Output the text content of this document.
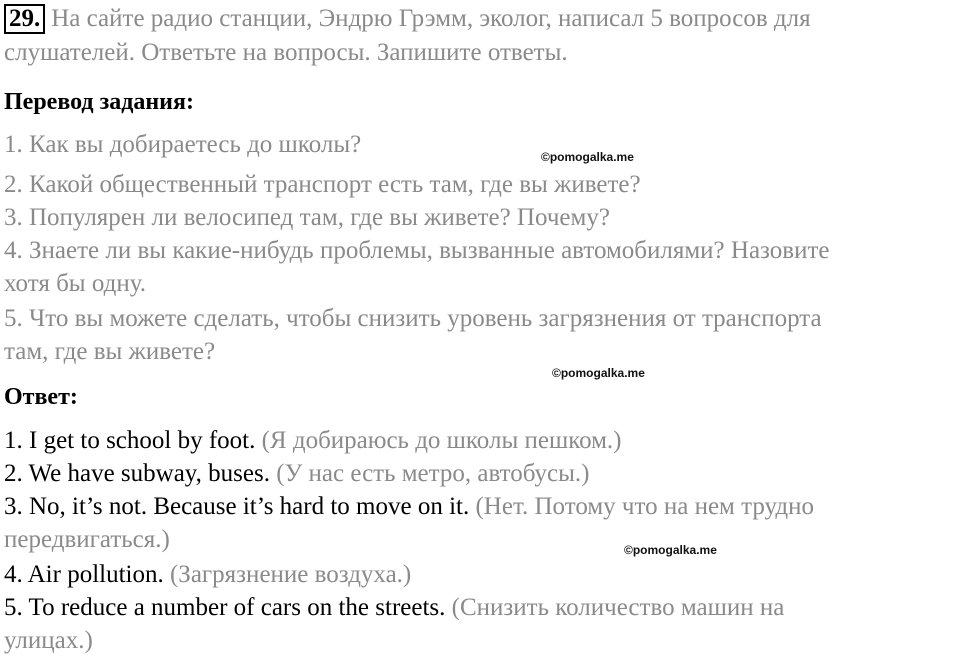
29. На сайте радио станции, Эндрю Грэмм, эколог, написал 5 вопросов для
слушателей. Ответьте на вопросы. Запишите ответы.
Перевод задания:
1. Как вы добираетесь до школы?
2. Какой общественный транспорт есть там, где вы живете?
3. Популярен ли велосипед там, где вы живете? Почему?
4. Знаете ли вы какие-нибудь проблемы, вызванные автомобилями? Назовите
хотя бы одну.
5. Что вы можете сделать, чтобы снизить уровень загрязнения от транспорта
там, где вы живете?
Ответ:
1. I get to school by foot. (Я добираюсь до школы пешком.)
2. We have subway, buses. (У нас есть метро, автобусы.)
3. No, it’s not. Because it’s hard to move on it. (Нет. Потому что на нем трудно
передвигаться.)
4. Air pollution. (Загрязнение воздуха.)
5. To reduce a number of cars on the streets. (Снизить количество машин на
улицах.)
©pomogalka.me
©pomogalka.me
©pomogalka.me
